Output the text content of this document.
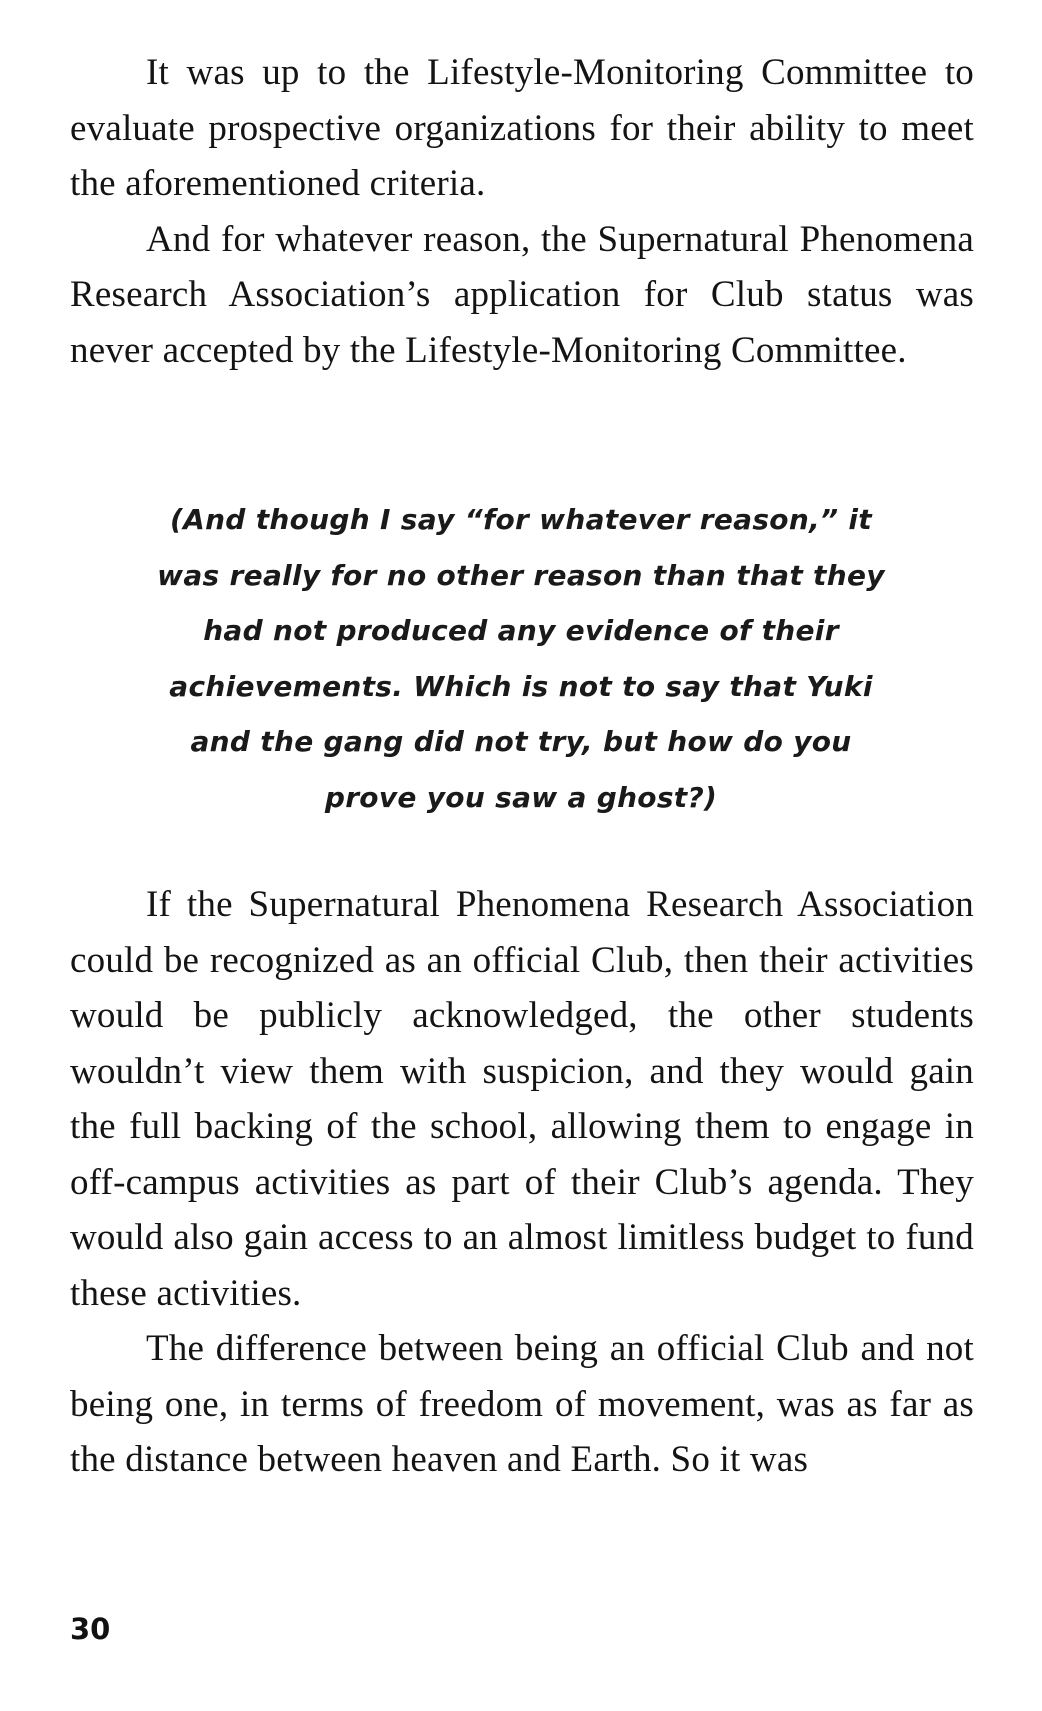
It was up to the Lifestyle-Monitoring Committee to evaluate prospective organizations for their ability to meet the aforementioned criteria.

And for whatever reason, the Supernatural Phenomena Research Association’s application for Club status was never accepted by the Lifestyle-Monitoring Committee.

(And though I say “for whatever reason,” it was really for no other reason than that they had not produced any evidence of their achievements. Which is not to say that Yuki and the gang did not try, but how do you prove you saw a ghost?)

If the Supernatural Phenomena Research Association could be recognized as an official Club, then their activities would be publicly acknowledged, the other students wouldn’t view them with suspicion, and they would gain the full backing of the school, allowing them to engage in off-campus activities as part of their Club’s agenda. They would also gain access to an almost limitless budget to fund these activities.

The difference between being an official Club and not being one, in terms of freedom of movement, was as far as the distance between heaven and Earth. So it was

30
